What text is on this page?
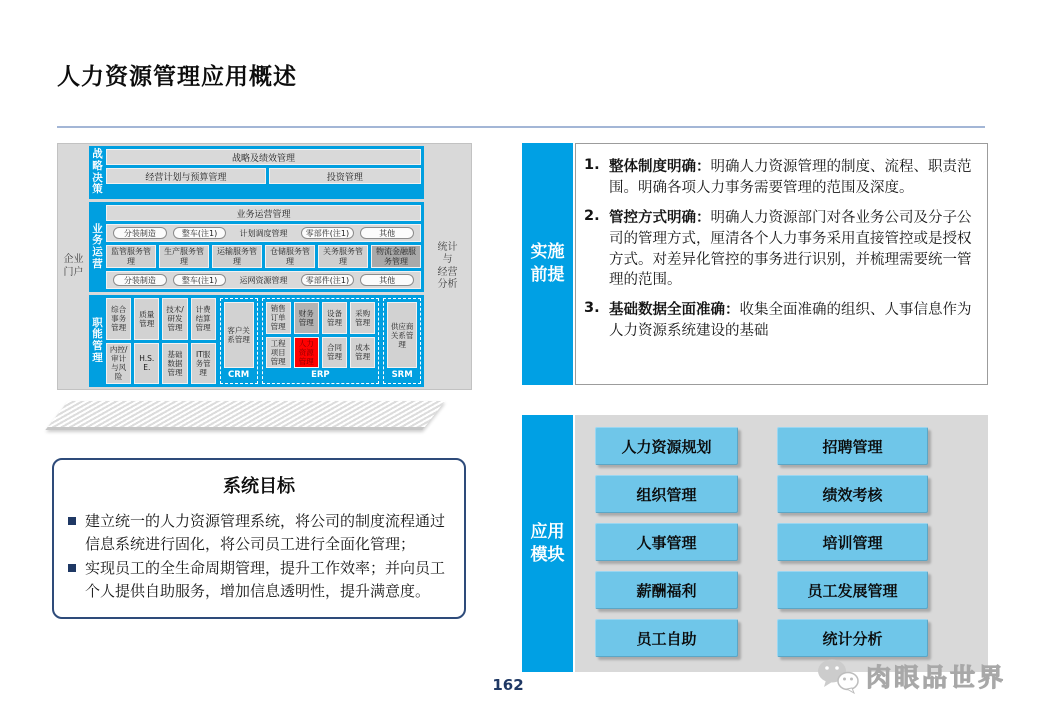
人力资源管理应用概述
企业
门户
战略决策
战略及绩效管理
经营计划与预算管理	投资管理
业务运营
业务运营管理
分装制造	整车(注1)	计划调度管理	零部件(注1)	其他
监管服务管理
生产服务管理
运输服务管理
仓储服务管理
关务服务管理
物流金融服务管理
分装制造	整车(注1)	运网资源管理	零部件(注1)	其他
职能管理
综合事务管理
质量管理
技术/研发管理
计费结算管理
内控/审计与风险
H.S.E.
基础数据管理
IT服务管理
客户关系管理
CRM
销售订单管理
财务管理
设备管理
采购管理
工程项目管理
人力资源管理
合同管理
成本管理
ERP
供应商关系管理
SRM
统计
与
经营
分析
系统目标
建立统一的人力资源管理系统，将公司的制度流程通过信息系统进行固化，将公司员工进行全面化管理；
实现员工的全生命周期管理，提升工作效率；并向员工个人提供自助服务，增加信息透明性，提升满意度。
实施
前提
1. 整体制度明确：明确人力资源管理的制度、流程、职责范围。明确各项人力事务需要管理的范围及深度。
2. 管控方式明确：明确人力资源部门对各业务公司及分子公司的管理方式，厘清各个人力事务采用直接管控或是授权方式。对差异化管控的事务进行识别，并梳理需要统一管理的范围。
3. 基础数据全面准确：收集全面准确的组织、人事信息作为人力资源系统建设的基础
应用
模块
人力资源规划
组织管理
人事管理
薪酬福利
员工自助
招聘管理
绩效考核
培训管理
员工发展管理
统计分析
162	肉眼品世界
